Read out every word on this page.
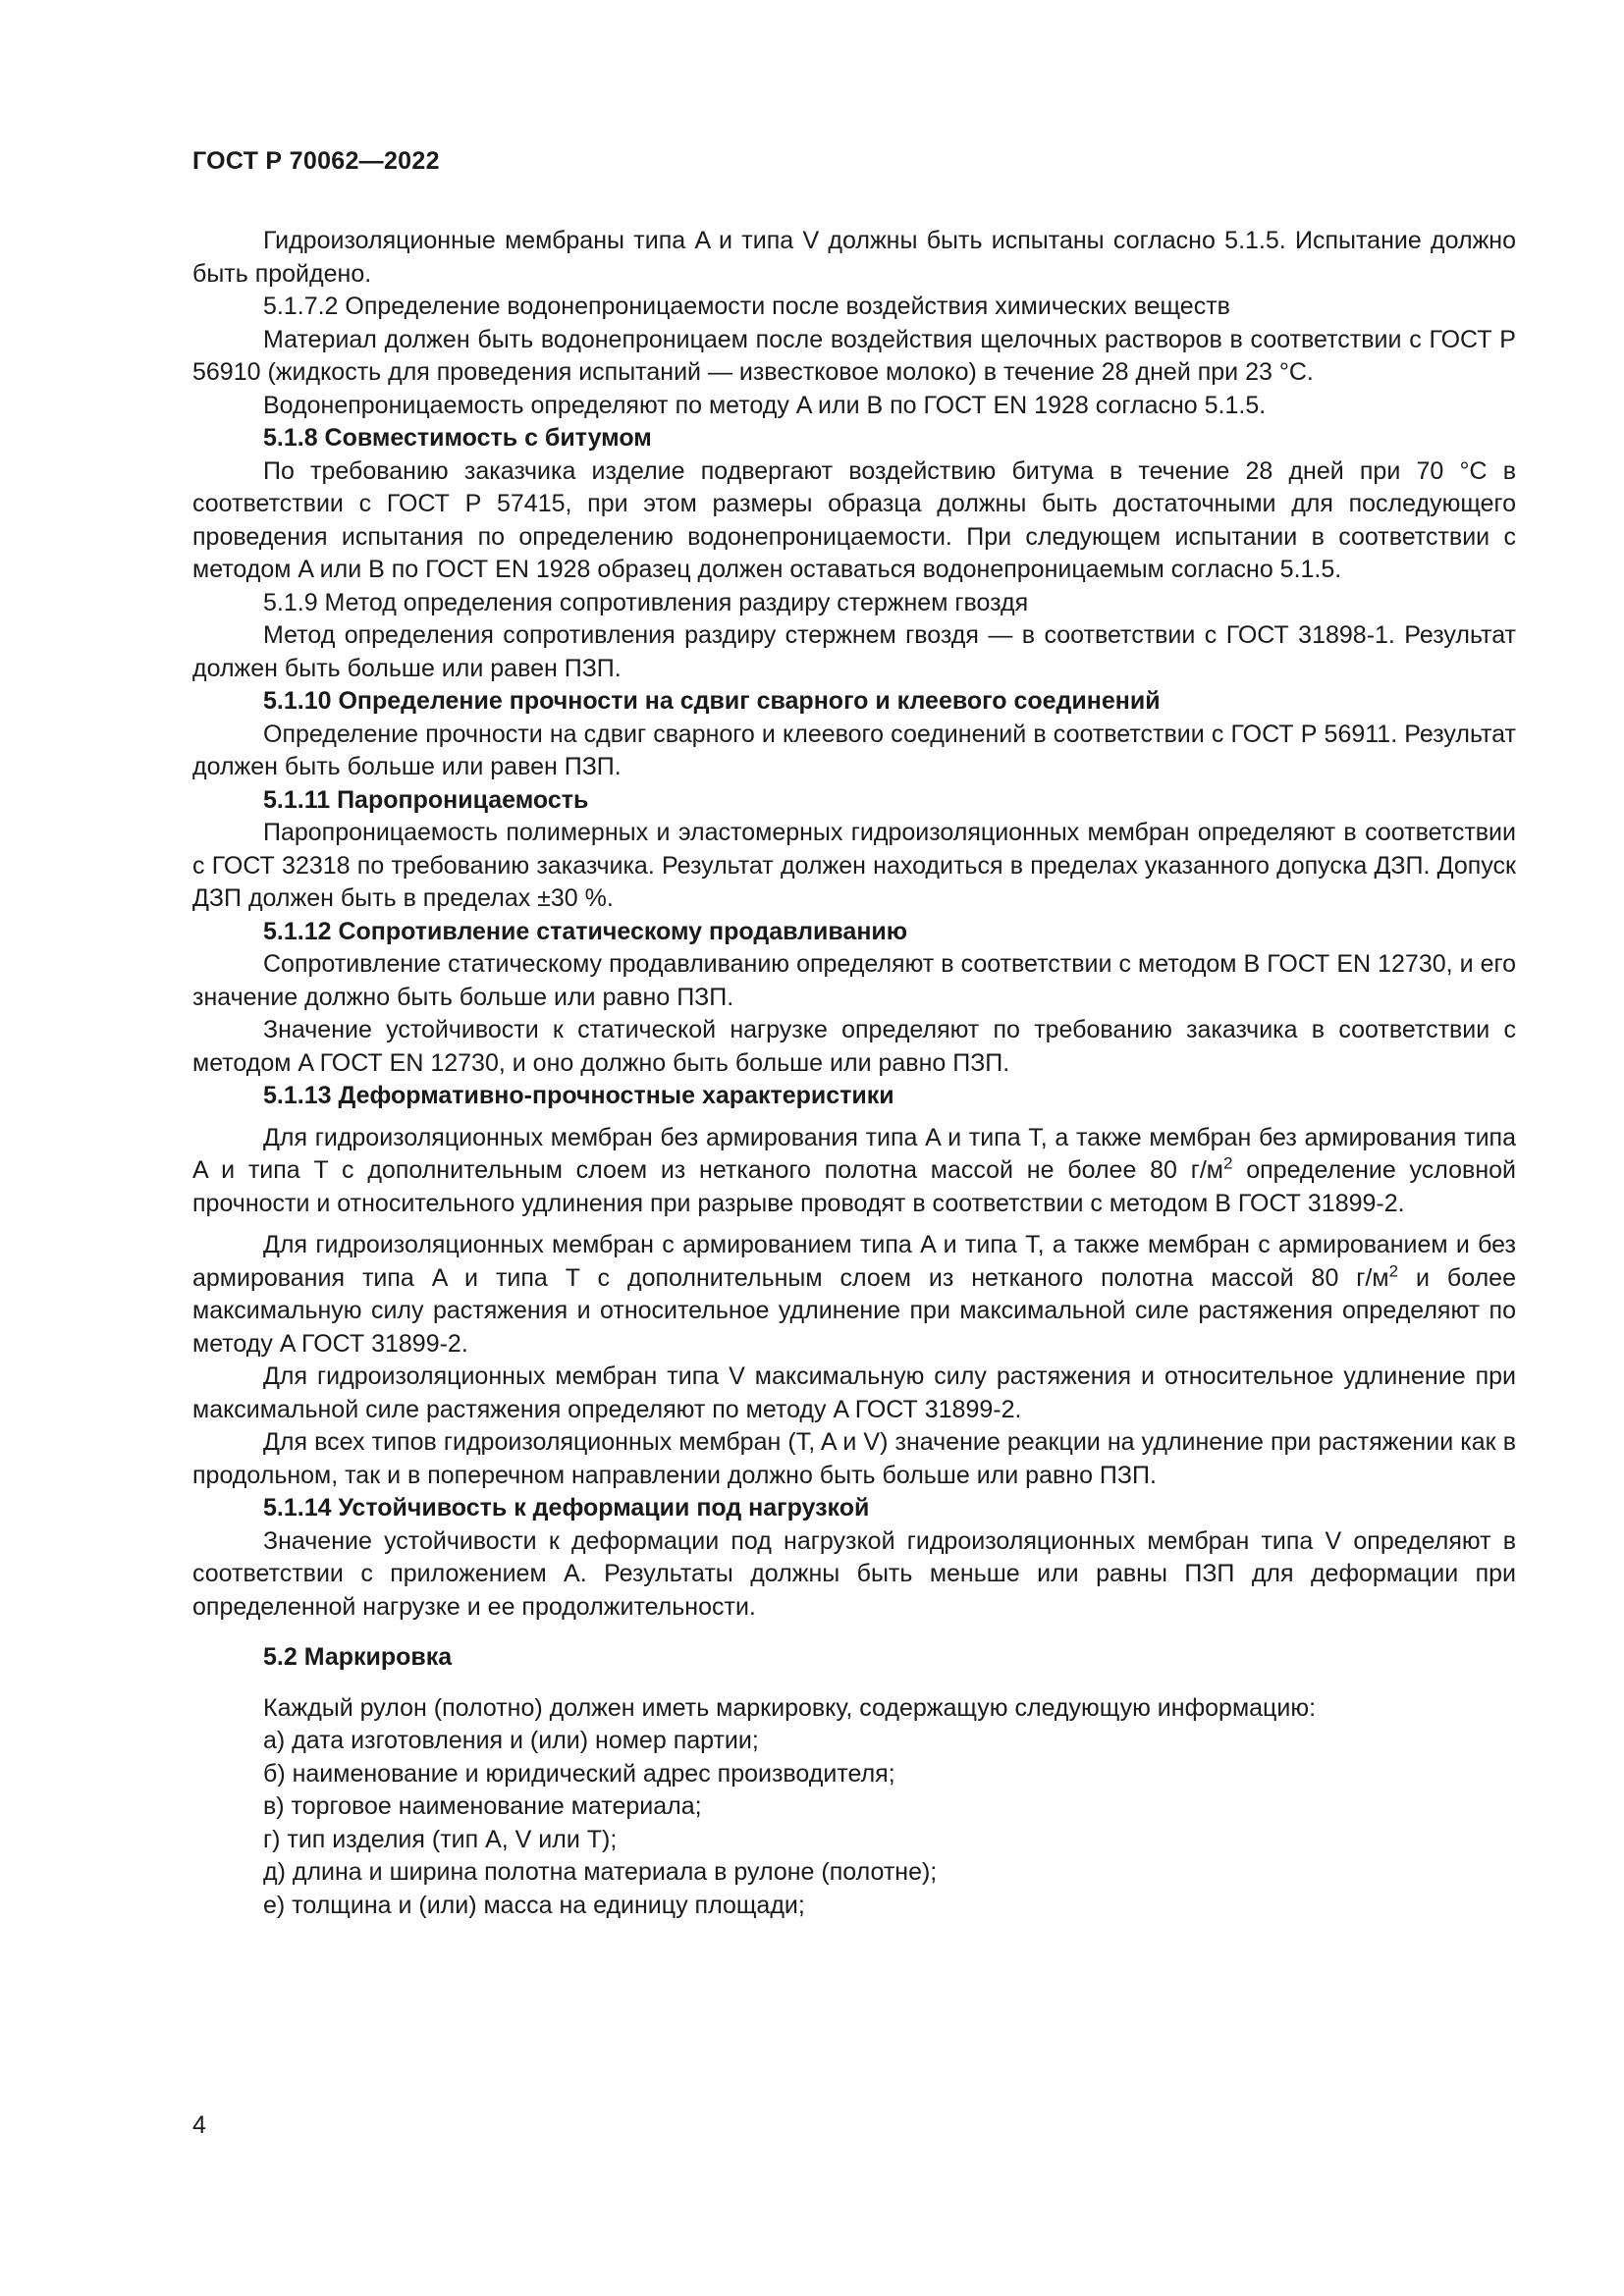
ГОСТ Р 70062—2022

Гидроизоляционные мембраны типа A и типа V должны быть испытаны согласно 5.1.5. Испытание должно быть пройдено.

5.1.7.2 Определение водонепроницаемости после воздействия химических веществ

Материал должен быть водонепроницаем после воздействия щелочных растворов в соответствии с ГОСТ Р 56910 (жидкость для проведения испытаний — известковое молоко) в течение 28 дней при 23 °С.

Водонепроницаемость определяют по методу A или B по ГОСТ EN 1928 согласно 5.1.5.

5.1.8 Совместимость с битумом

По требованию заказчика изделие подвергают воздействию битума в течение 28 дней при 70 °С в соответствии с ГОСТ Р 57415, при этом размеры образца должны быть достаточными для последующего проведения испытания по определению водонепроницаемости. При следующем испытании в соответствии с методом A или B по ГОСТ EN 1928 образец должен оставаться водонепроницаемым согласно 5.1.5.

5.1.9 Метод определения сопротивления раздиру стержнем гвоздя

Метод определения сопротивления раздиру стержнем гвоздя — в соответствии с ГОСТ 31898-1. Результат должен быть больше или равен ПЗП.

5.1.10 Определение прочности на сдвиг сварного и клеевого соединений

Определение прочности на сдвиг сварного и клеевого соединений в соответствии с ГОСТ Р 56911. Результат должен быть больше или равен ПЗП.

5.1.11 Паропроницаемость

Паропроницаемость полимерных и эластомерных гидроизоляционных мембран определяют в соответствии с ГОСТ 32318 по требованию заказчика. Результат должен находиться в пределах указанного допуска ДЗП. Допуск ДЗП должен быть в пределах ±30 %.

5.1.12 Сопротивление статическому продавливанию

Сопротивление статическому продавливанию определяют в соответствии с методом B ГОСТ EN 12730, и его значение должно быть больше или равно ПЗП.

Значение устойчивости к статической нагрузке определяют по требованию заказчика в соответствии с методом A ГОСТ EN 12730, и оно должно быть больше или равно ПЗП.

5.1.13 Деформативно-прочностные характеристики

Для гидроизоляционных мембран без армирования типа A и типа T, а также мембран без армирования типа A и типа T с дополнительным слоем из нетканого полотна массой не более 80 $г/м^2$ определение условной прочности и относительного удлинения при разрыве проводят в соответствии с методом B ГОСТ 31899-2.

Для гидроизоляционных мембран с армированием типа A и типа T, а также мембран с армированием и без армирования типа A и типа T с дополнительным слоем из нетканого полотна массой 80 $г/м^2$ и более максимальную силу растяжения и относительное удлинение при максимальной силе растяжения определяют по методу A ГОСТ 31899-2.

Для гидроизоляционных мембран типа V максимальную силу растяжения и относительное удлинение при максимальной силе растяжения определяют по методу A ГОСТ 31899-2.

Для всех типов гидроизоляционных мембран (T, A и V) значение реакции на удлинение при растяжении как в продольном, так и в поперечном направлении должно быть больше или равно ПЗП.

5.1.14 Устойчивость к деформации под нагрузкой

Значение устойчивости к деформации под нагрузкой гидроизоляционных мембран типа V определяют в соответствии с приложением А. Результаты должны быть меньше или равны ПЗП для деформации при определенной нагрузке и ее продолжительности.

5.2 Маркировка

Каждый рулон (полотно) должен иметь маркировку, содержащую следующую информацию:

а) дата изготовления и (или) номер партии;

б) наименование и юридический адрес производителя;

в) торговое наименование материала;

г) тип изделия (тип A, V или T);

д) длина и ширина полотна материала в рулоне (полотне);

е) толщина и (или) масса на единицу площади;

4
